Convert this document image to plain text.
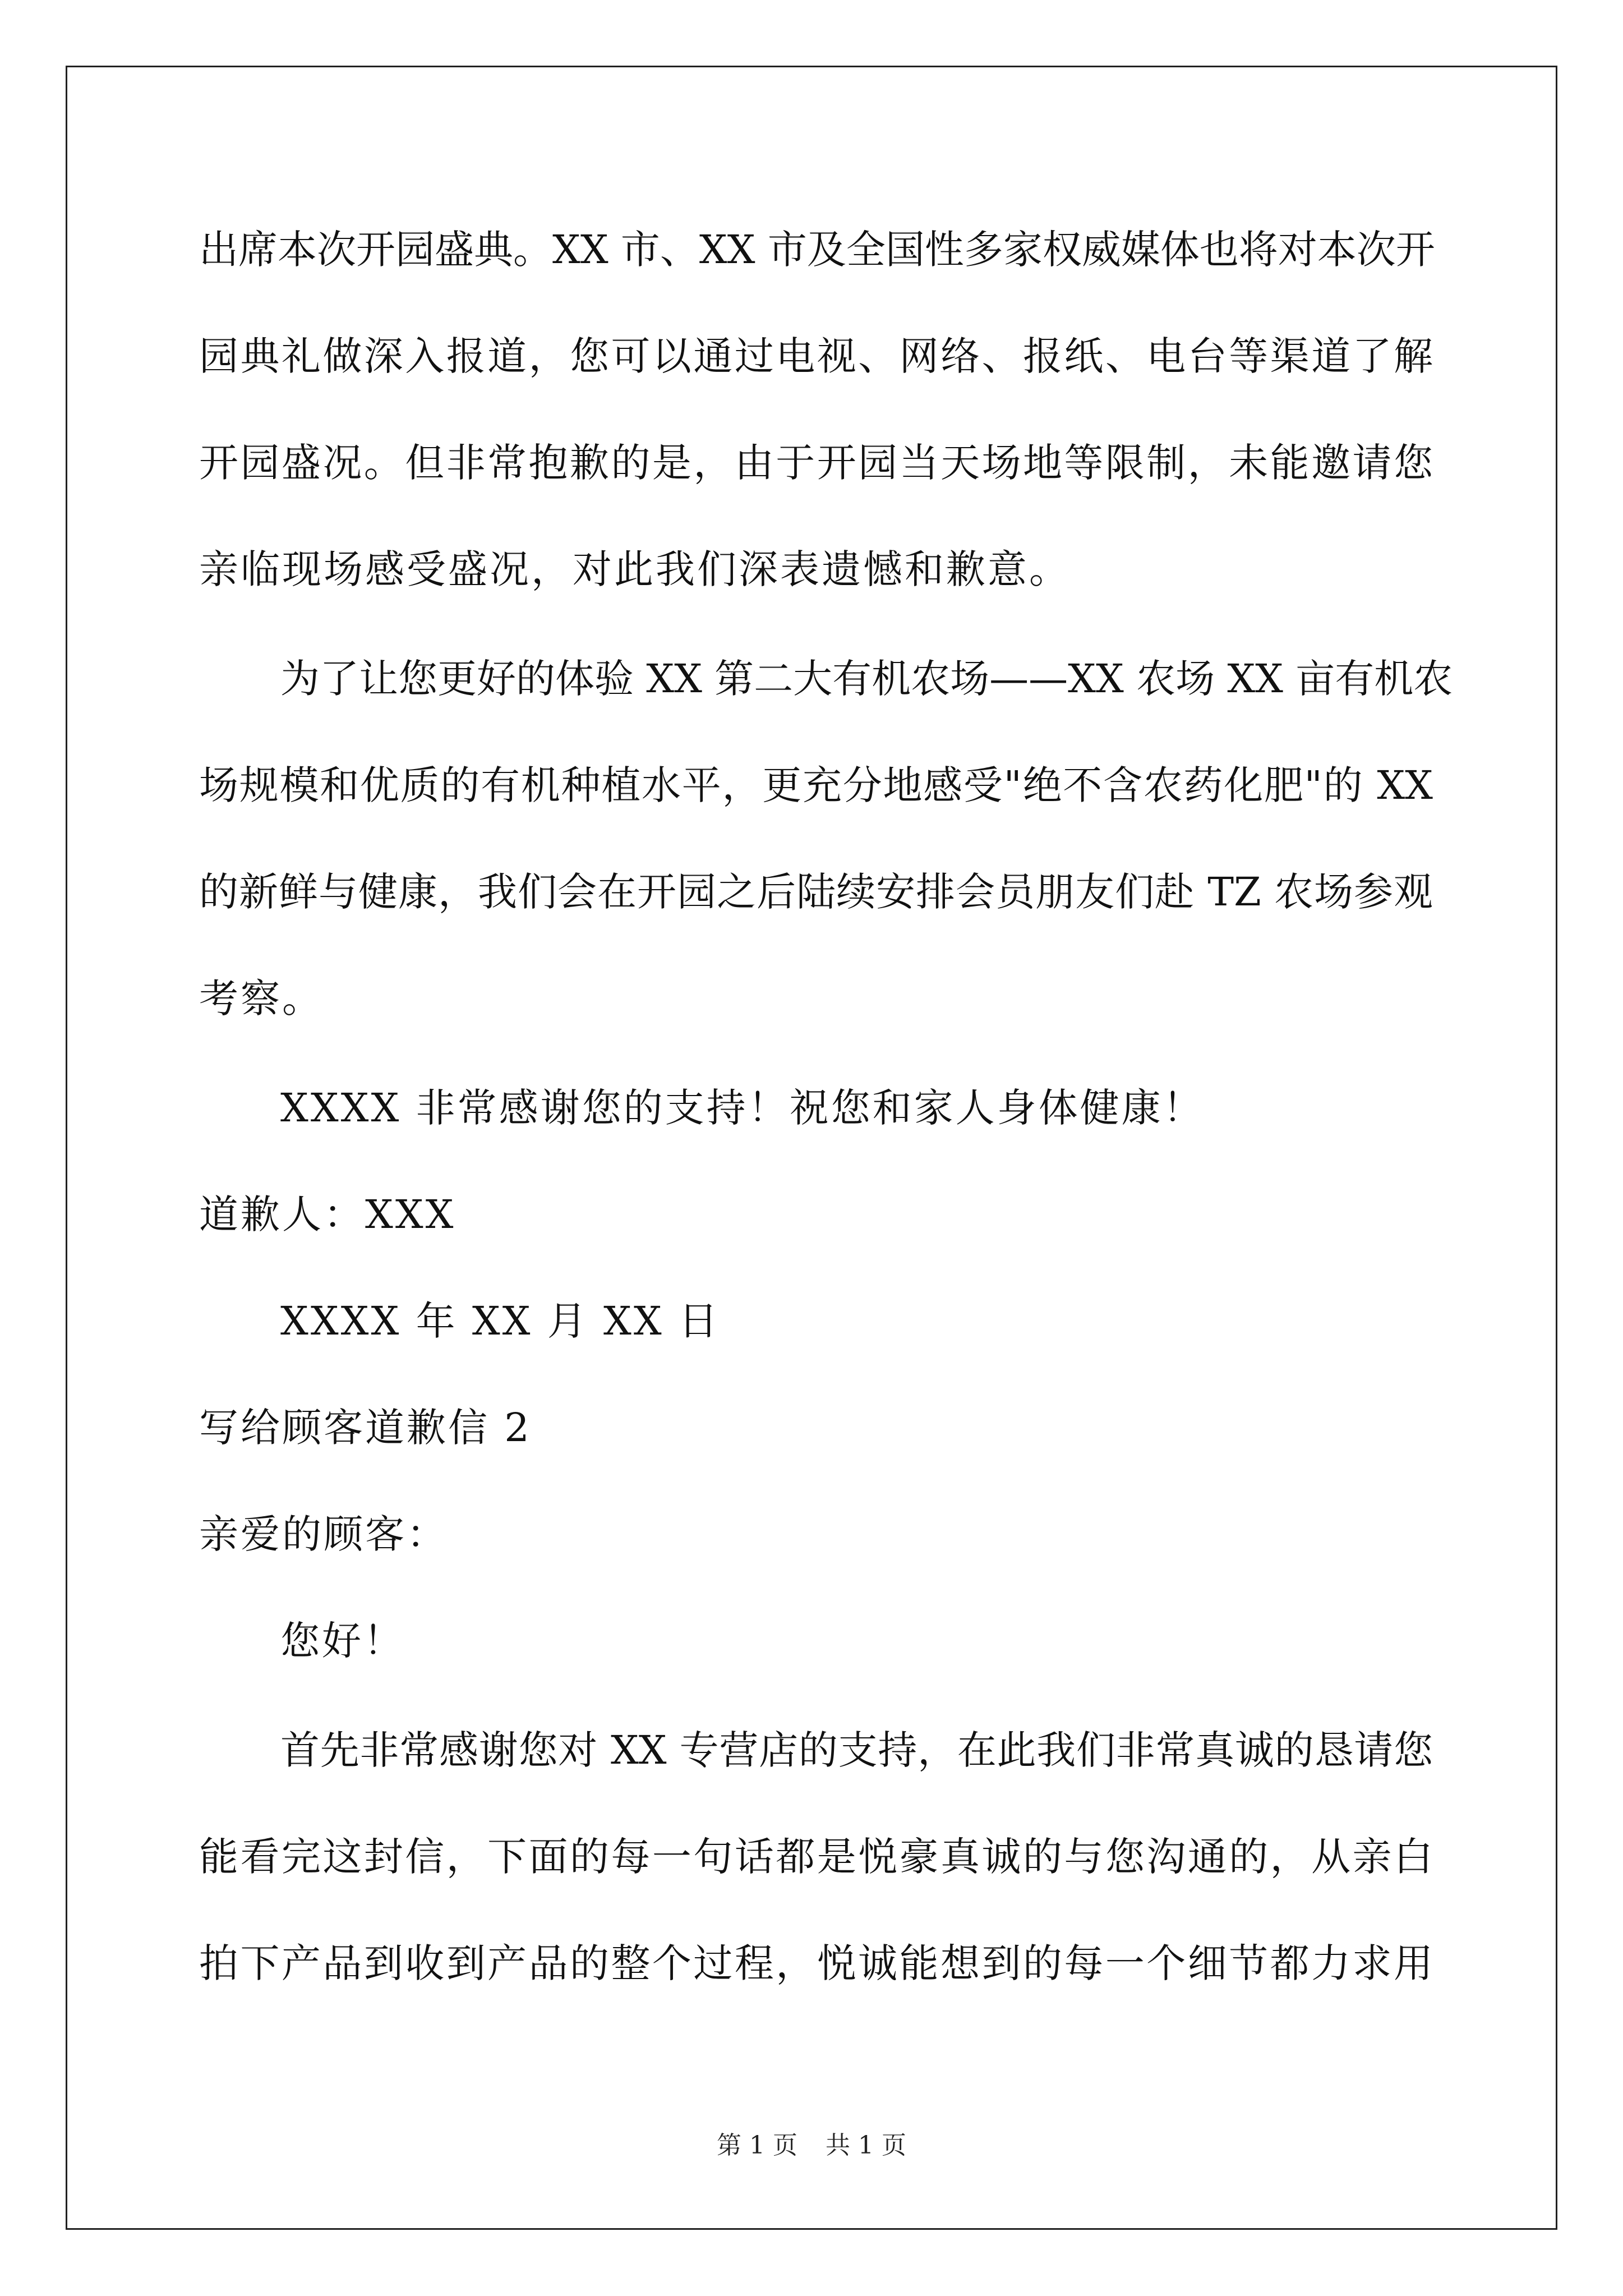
出席本次开园盛典。XX 市、XX 市及全国性多家权威媒体也将对本次开
园典礼做深入报道，您可以通过电视、网络、报纸、电台等渠道了解
开园盛况。但非常抱歉的是，由于开园当天场地等限制，未能邀请您
亲临现场感受盛况，对此我们深表遗憾和歉意。
为了让您更好的体验 XX 第二大有机农场——XX 农场 XX 亩有机农
场规模和优质的有机种植水平，更充分地感受"绝不含农药化肥"的 XX
的新鲜与健康，我们会在开园之后陆续安排会员朋友们赴 TZ 农场参观
考察。
XXXX 非常感谢您的支持！祝您和家人身体健康！
道歉人：XXX
XXXX 年 XX 月 XX 日
写给顾客道歉信 2
亲爱的顾客：
您好！
首先非常感谢您对 XX 专营店的支持，在此我们非常真诚的恳请您
能看完这封信，下面的每一句话都是悦豪真诚的与您沟通的，从亲白
拍下产品到收到产品的整个过程，悦诚能想到的每一个细节都力求用
第 1 页 共 1 页
